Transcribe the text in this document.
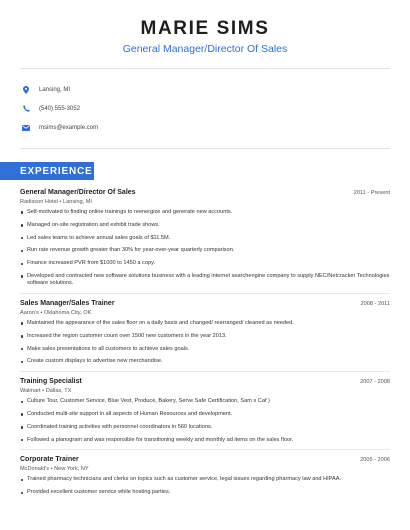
MARIE SIMS
General Manager/Director Of Sales
Lansing, MI
(540) 555-3052
msims@example.com
EXPERIENCE
General Manager/Director Of Sales	2011 - Present
Radisson Hotel • Lansing, MI
Self-motivated to finding online trainings to reenergize and generate new accounts.
Managed on-site registration and exhibit trade shows.
Led sales teams to achieve annual sales goals of $11.5M.
Run rate revenue growth greater than 30% for year-over-year quarterly comparison.
Finance increased PVR from $1000 to 1450 a copy.
Developed and contracted new software solutions business with a leading internet searchengine company to supply NEC/Netcracker Technologies software solutions.
Sales Manager/Sales Trainer	2008 - 2011
Aaron's • Oklahoma City, OK
Maintained the appearance of the sales floor on a daily basis and changed/ rearranged/ cleaned as needed.
Increased the region customer count over 1500 new customers in the year 2013.
Make sales presentations to all customers to achieve sales goals.
Create custom displays to advertise new merchandise.
Training Specialist	2007 - 2008
Walmart • Dallas, TX
Culture Tour, Customer Service, Blue Vest, Produce, Bakery, Serve Safe Certification, Sam s Caf )
Conducted multi-site support in all aspects of Human Resources and development.
Coordinated training activities with personnel coordinators in 560 locations.
Followed a planogram and was responsible for transitioning weekly and monthly ad items on the sales floor.
Corporate Trainer	2005 - 2006
McDonald's • New York, NY
Trained pharmacy technicians and clerks on topics such as customer service, legal issues regarding pharmacy law and HIPAA.
Provided excellent customer service while hosting parties.
